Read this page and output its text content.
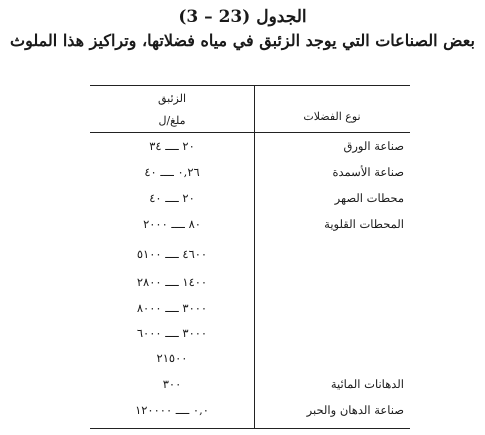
الجدول (3 – 23)
بعض الصناعات التي يوجد الزئبق في مياه فضلاتها، وتراكيز هذا الملوث
نوع الفضلات
الزئبق
ملغ/ل
صناعة الورق
٢٠ ــــ ٣٤
صناعة الأسمدة
٠,٢٦ ــــ ٤٠
محطات الصهر
٢٠ ــــ ٤٠
المحطات القلوية
٨٠ ــــ ٢٠٠٠
٤٦٠٠ ــــ ٥١٠٠
١٤٠٠ ــــ ٢٨٠٠
٣٠٠٠ ــــ ٨٠٠٠
٣٠٠٠ ــــ ٦٠٠٠
٢١٥٠٠
الدهانات المائية
٣٠٠
صناعة الدهان والحبر
٠,٠ ــــ ١٢٠٠٠٠
